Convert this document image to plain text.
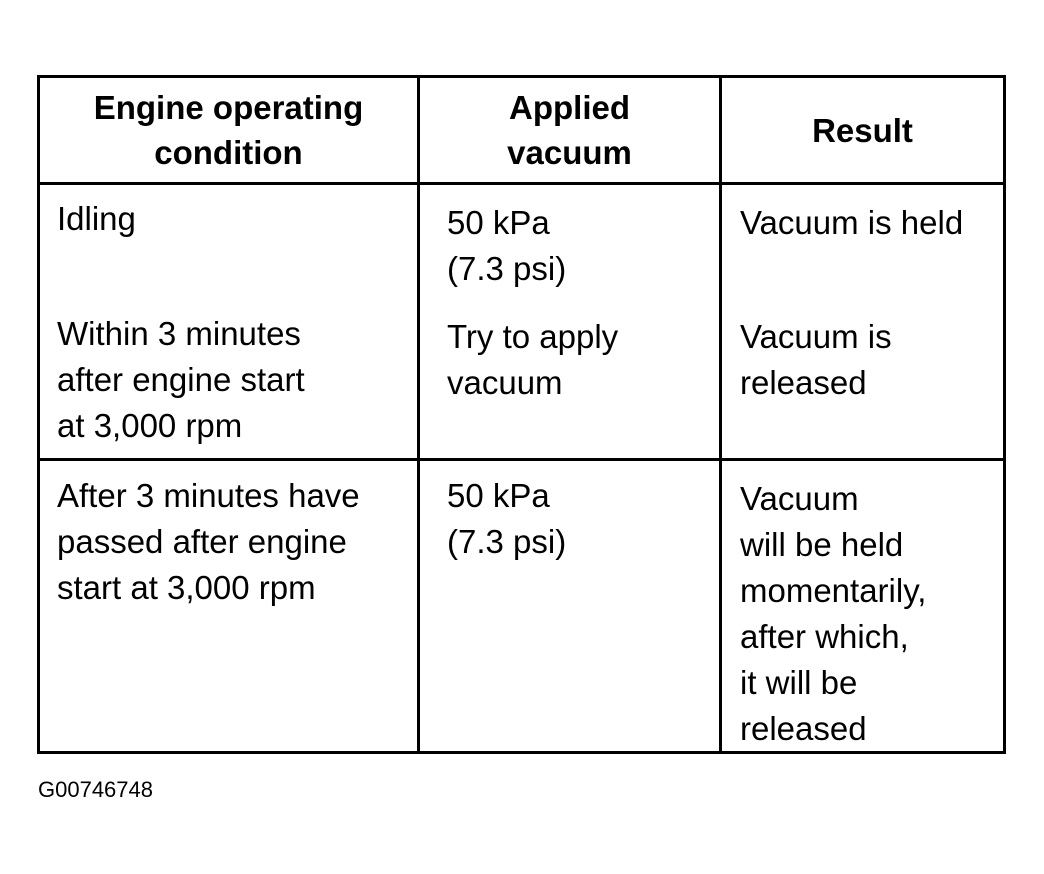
Engine operating
condition
Applied
vacuum
Result
Idling	50 kPa
(7.3 psi)
Vacuum is held
Within 3 minutes
after engine start
at 3,000 rpm
Try to apply
vacuum
Vacuum is
released
After 3 minutes have
passed after engine
start at 3,000 rpm
50 kPa
(7.3 psi)
Vacuum
will be held
momentarily,
after which,
it will be
released
G00746748
